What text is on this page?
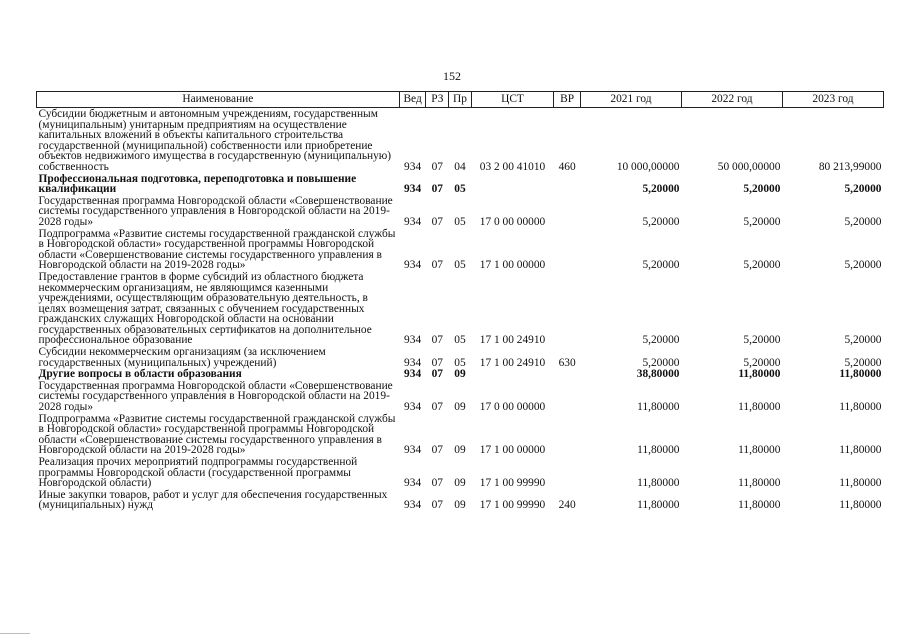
152
Наименование	Вед	РЗ	Пр	ЦСТ	ВР	2021 год	2022 год	2023 год
Субсидии бюджетным и автономным учреждениям, государственным (муниципальным) унитарным предприятиям на осуществление капитальных вложений в объекты капитального строительства государственной (муниципальной) собственности или приобретение объектов недвижимого имущества в государственную (муниципальную) собственность	934	07	04	03 2 00 41010	460	10 000,00000	50 000,00000	80 213,99000
Профессиональная подготовка, переподготовка и повышение квалификации	934	07	05			5,20000	5,20000	5,20000
Государственная программа Новгородской области «Совершенствование системы государственного управления в Новгородской области на 2019-2028 годы»	934	07	05	17 0 00 00000		5,20000	5,20000	5,20000
Подпрограмма «Развитие системы государственной гражданской службы в Новгородской области» государственной программы Новгородской области «Совершенствование системы государственного управления в Новгородской области на 2019-2028 годы»	934	07	05	17 1 00 00000		5,20000	5,20000	5,20000
Предоставление грантов в форме субсидий из областного бюджета некоммерческим организациям, не являющимся казенными учреждениями, осуществляющим образовательную деятельность, в целях возмещения затрат, связанных с обучением государственных гражданских служащих Новгородской области на основании государственных образовательных сертификатов на дополнительное профессиональное образование	934	07	05	17 1 00 24910		5,20000	5,20000	5,20000
Субсидии некоммерческим организациям (за исключением государственных (муниципальных) учреждений)	934	07	05	17 1 00 24910	630	5,20000	5,20000	5,20000
Другие вопросы в области образования	934	07	09			38,80000	11,80000	11,80000
Государственная программа Новгородской области «Совершенствование системы государственного управления в Новгородской области на 2019-2028 годы»	934	07	09	17 0 00 00000		11,80000	11,80000	11,80000
Подпрограмма «Развитие системы государственной гражданской службы в Новгородской области» государственной программы Новгородской области «Совершенствование системы государственного управления в Новгородской области на 2019-2028 годы»	934	07	09	17 1 00 00000		11,80000	11,80000	11,80000
Реализация прочих мероприятий подпрограммы государственной программы Новгородской области (государственной программы Новгородской области)	934	07	09	17 1 00 99990		11,80000	11,80000	11,80000
Иные закупки товаров, работ и услуг для обеспечения государственных (муниципальных) нужд	934	07	09	17 1 00 99990	240	11,80000	11,80000	11,80000
